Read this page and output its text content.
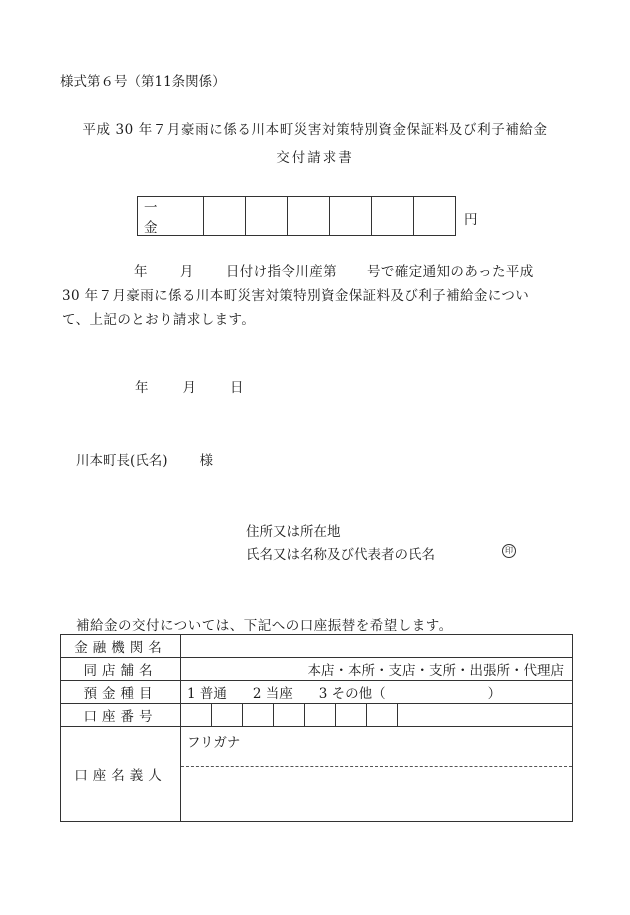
様式第６号（第11条関係）
平成 30 年７月豪雨に係る川本町災害対策特別資金保証料及び利子補給金
交付請求書
一 金	円
年 月 日付け指令川産第 号で確定通知のあった平成
30 年７月豪雨に係る川本町災害対策特別資金保証料及び利子補給金につい
て、上記のとおり請求します。
年	月	日
川本町長(氏名) 様
住所又は所在地
氏名又は名称及び代表者の氏名	印
補給金の交付については、下記への口座振替を希望します。
金融機関名	
同店舗名	本店・本所・支店・支所・出張所・代理店
預金種目	1 普通 2 当座 3 その他（ ）
口座番号	

口座名義人	フリガナ
